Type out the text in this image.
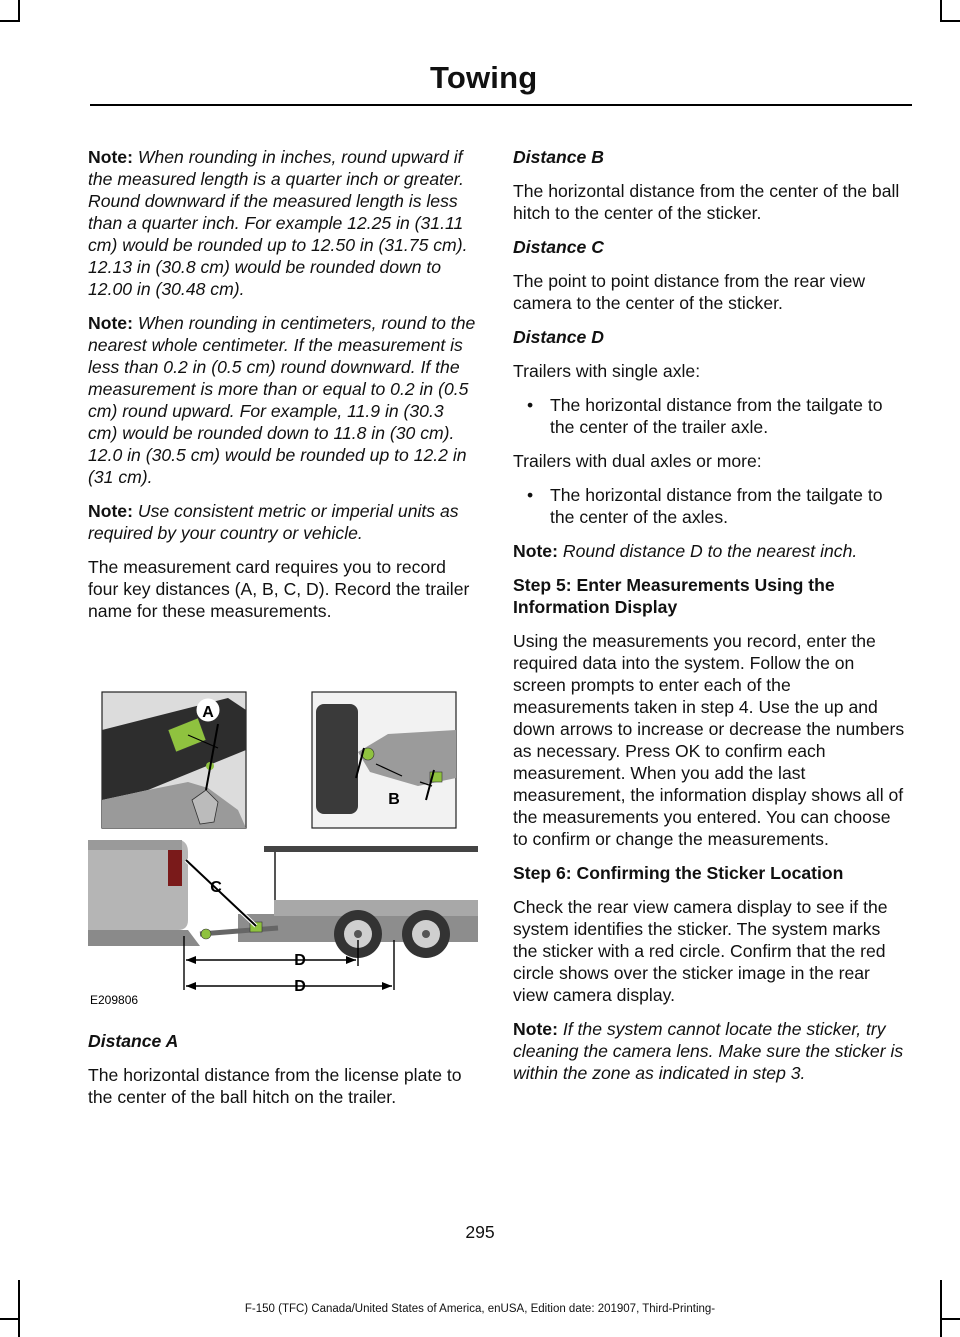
Towing

Note: When rounding in inches, round upward if the measured length is a quarter inch or greater. Round downward if the measured length is less than a quarter inch. For example 12.25 in (31.11 cm) would be rounded up to 12.50 in (31.75 cm). 12.13 in (30.8 cm) would be rounded down to 12.00 in (30.48 cm).

Note: When rounding in centimeters, round to the nearest whole centimeter. If the measurement is less than 0.2 in (0.5 cm) round downward. If the measurement is more than or equal to 0.2 in (0.5 cm) round upward. For example, 11.9 in (30.3 cm) would be rounded down to 11.8 in (30 cm). 12.0 in (30.5 cm) would be rounded up to 12.2 in (31 cm).

Note: Use consistent metric or imperial units as required by your country or vehicle.

The measurement card requires you to record four key distances (A, B, C, D). Record the trailer name for these measurements.

A
B
C
D
D
E209806
Distance A

The horizontal distance from the license plate to the center of the ball hitch on the trailer.

Distance B

The horizontal distance from the center of the ball hitch to the center of the sticker.

Distance C

The point to point distance from the rear view camera to the center of the sticker.

Distance D

Trailers with single axle:

• The horizontal distance from the tailgate to the center of the trailer axle.

Trailers with dual axles or more:

• The horizontal distance from the tailgate to the center of the axles.

Note: Round distance D to the nearest inch.

Step 5: Enter Measurements Using the Information Display

Using the measurements you record, enter the required data into the system. Follow the on screen prompts to enter each of the measurements taken in step 4. Use the up and down arrows to increase or decrease the numbers as necessary. Press OK to confirm each measurement. When you add the last measurement, the information display shows all of the measurements you entered. You can choose to confirm or change the measurements.

Step 6: Confirming the Sticker Location

Check the rear view camera display to see if the system identifies the sticker. The system marks the sticker with a red circle. Confirm that the red circle shows over the sticker image in the rear view camera display.

Note: If the system cannot locate the sticker, try cleaning the camera lens. Make sure the sticker is within the zone as indicated in step 3.

295
F-150 (TFC) Canada/United States of America, enUSA, Edition date: 201907, Third-Printing-
